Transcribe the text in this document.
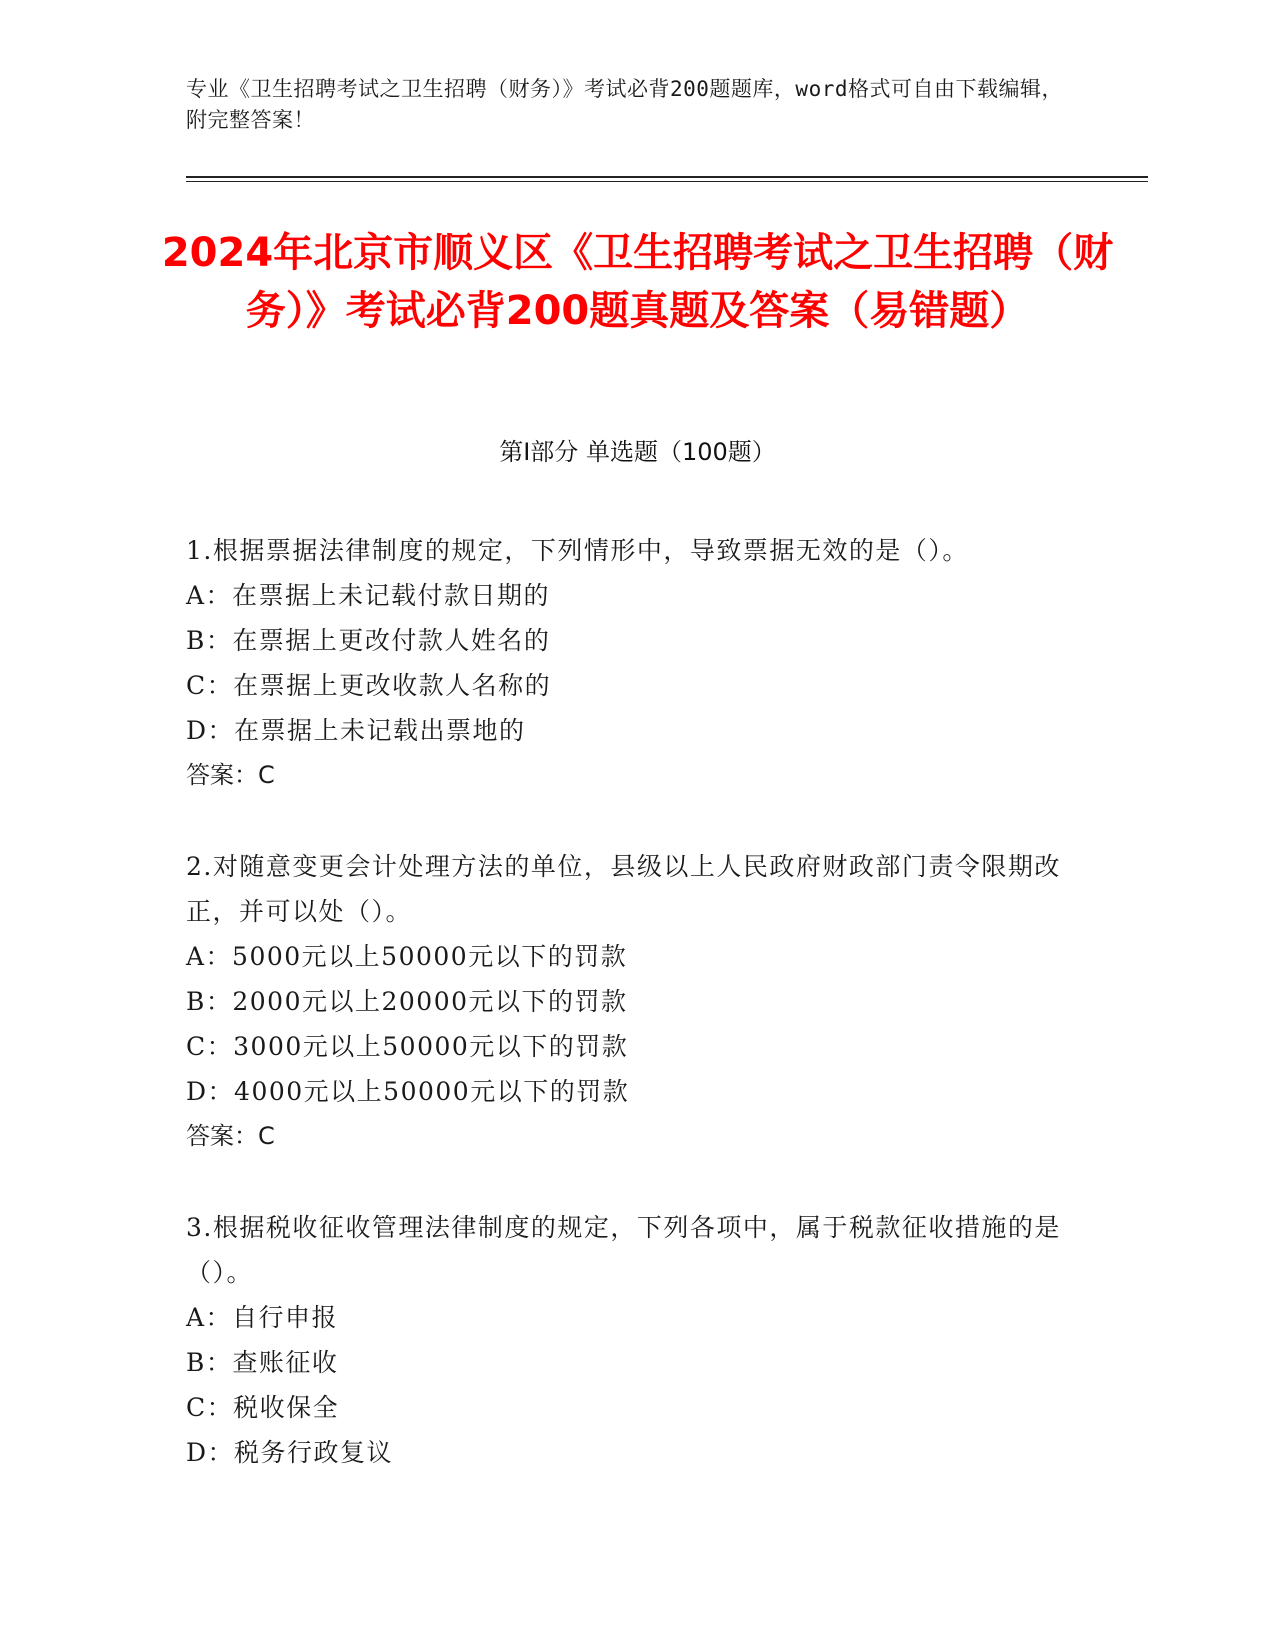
专业《卫生招聘考试之卫生招聘（财务）》考试必背200题题库，word格式可自由下载编辑，附完整答案！
2024年北京市顺义区《卫生招聘考试之卫生招聘（财务）》考试必背200题真题及答案（易错题）
第I部分 单选题（100题）
1.根据票据法律制度的规定，下列情形中，导致票据无效的是（）。
A：在票据上未记载付款日期的
B：在票据上更改付款人姓名的
C：在票据上更改收款人名称的
D：在票据上未记载出票地的
答案：C
2.对随意变更会计处理方法的单位，县级以上人民政府财政部门责令限期改正，并可以处（）。
A：5000元以上50000元以下的罚款
B：2000元以上20000元以下的罚款
C：3000元以上50000元以下的罚款
D：4000元以上50000元以下的罚款
答案：C
3.根据税收征收管理法律制度的规定，下列各项中，属于税款征收措施的是（）。
A：自行申报
B：查账征收
C：税收保全
D：税务行政复议
